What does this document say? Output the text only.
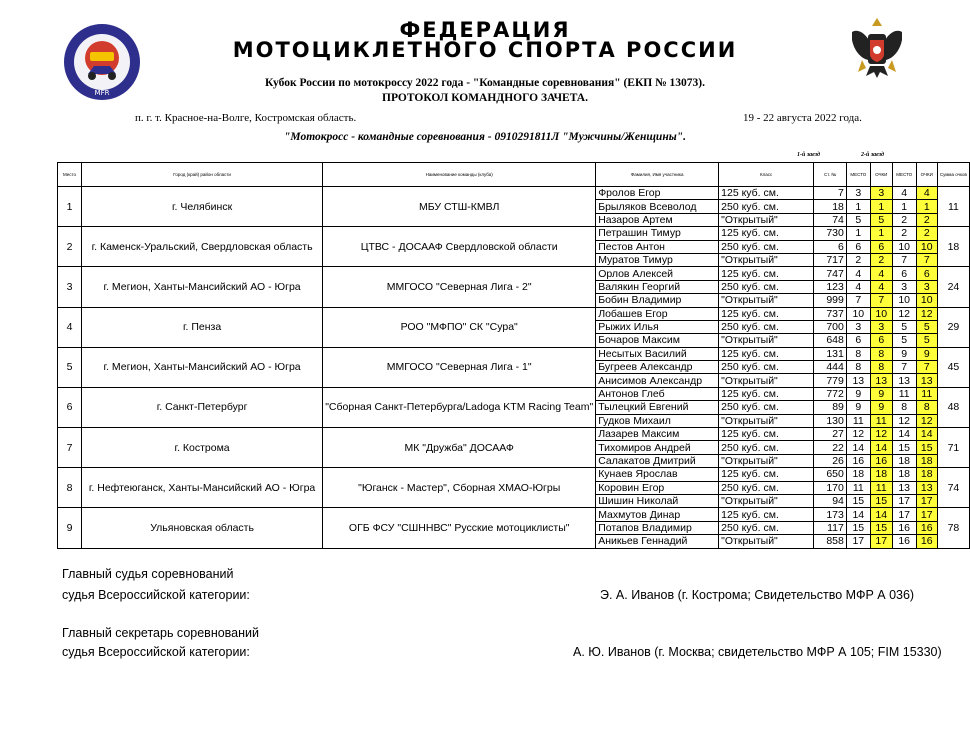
MFR
ФЕДЕРАЦИЯ
МОТОЦИКЛЕТНОГО СПОРТА РОССИИ
Кубок России по мотокроссу 2022 года - "Командные соревнования" (ЕКП № 13073).
ПРОТОКОЛ КОМАНДНОГО ЗАЧЕТА.
п. г. т. Красное-на-Волге, Костромская область.	19 - 22 августа 2022 года.
"Мотокросс - командные соревнования - 0910291811Л "Мужчины/Женщины".
1-й заезд	2-й заезд
Место	Город (край) район области	Наименование команды (клуба)	Фамилия, Имя участника	Класс	Ст. №	МЕСТО	ОЧКИ	МЕСТО	ОЧКИ	Сумма очков
1	г. Челябинск	МБУ СТШ-КМВЛ	Фролов Егор	125 куб. см.	7	3	3	4	4	11
			Брыляков Всеволод	250 куб. см.	18	1	1	1	1	
			Назаров Артем	"Открытый"	74	5	5	2	2	
2	г. Каменск-Уральский, Свердловская область	ЦТВС - ДОСААФ Свердловской области	Петрашин Тимур	125 куб. см.	730	1	1	2	2	18
			Пестов Антон	250 куб. см.	6	6	6	10	10	
			Муратов Тимур	"Открытый"	717	2	2	7	7	
3	г. Мегион, Ханты-Мансийский АО - Югра	ММГОСО "Северная Лига - 2"	Орлов Алексей	125 куб. см.	747	4	4	6	6	24
			Валякин Георгий	250 куб. см.	123	4	4	3	3	
			Бобин Владимир	"Открытый"	999	7	7	10	10	
4	г. Пенза	РОО "МФПО" СК "Сура"	Лобашев Егор	125 куб. см.	737	10	10	12	12	29
			Рыжих Илья	250 куб. см.	700	3	3	5	5	
			Бочаров Максим	"Открытый"	648	6	6	5	5	
5	г. Мегион, Ханты-Мансийский АО - Югра	ММГОСО "Северная Лига - 1"	Несытых Василий	125 куб. см.	131	8	8	9	9	45
			Бугреев Александр	250 куб. см.	444	8	8	7	7	
			Анисимов Александр	"Открытый"	779	13	13	13	13	
6	г. Санкт-Петербург	"Сборная Санкт-Петербурга/Ladoga KTM Racing Team"	Антонов Глеб	125 куб. см.	772	9	9	11	11	48
			Тылецкий Евгений	250 куб. см.	89	9	9	8	8	
			Гудков Михаил	"Открытый"	130	11	11	12	12	
7	г. Кострома	МК "Дружба" ДОСААФ	Лазарев Максим	125 куб. см.	27	12	12	14	14	71
			Тихомиров Андрей	250 куб. см.	22	14	14	15	15	
			Салакатов Дмитрий	"Открытый"	26	16	16	18	18	
8	г. Нефтеюганск, Ханты-Мансийский АО - Югра	"Юганск - Мастер", Сборная ХМАО-Югры	Кунаев Ярослав	125 куб. см.	650	18	18	18	18	74
			Коровин Егор	250 куб. см.	170	11	11	13	13	
			Шишин Николай	"Открытый"	94	15	15	17	17	
9	Ульяновская область	ОГБ ФСУ "СШННВС" Русские мотоциклисты"	Махмутов Динар	125 куб. см.	173	14	14	17	17	78
			Потапов Владимир	250 куб. см.	117	15	15	16	16	
			Аникьев Геннадий	"Открытый"	858	17	17	16	16	
Главный судья соревнований
судья Всероссийской категории:	Э. А. Иванов (г. Кострома; Свидетельство МФР А 036)
Главный секретарь соревнований
судья Всероссийской категории:	А. Ю. Иванов (г. Москва; свидетельство МФР А 105; FIM 15330)
